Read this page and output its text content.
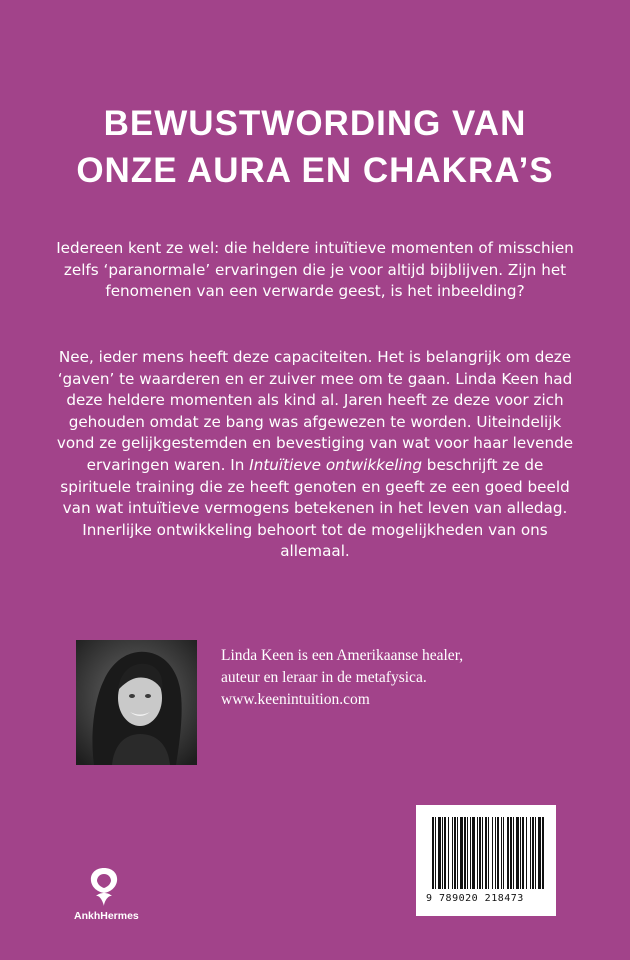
BEWUSTWORDING VAN
ONZE AURA EN CHAKRA’S
Iedereen kent ze wel: die heldere intuïtieve momenten of misschien zelfs ‘paranormale’ ervaringen die je voor altijd bijblijven. Zijn het fenomenen van een verwarde geest, is het inbeelding?
Nee, ieder mens heeft deze capaciteiten. Het is belangrijk om deze ‘gaven’ te waarderen en er zuiver mee om te gaan. Linda Keen had deze heldere momenten als kind al. Jaren heeft ze deze voor zich gehouden omdat ze bang was afgewezen te worden. Uiteindelijk vond ze gelijkgestemden en bevestiging van wat voor haar levende ervaringen waren. In Intuïtieve ontwikkeling beschrijft ze de spirituele training die ze heeft genoten en geeft ze een goed beeld van wat intuïtieve vermogens betekenen in het leven van alledag. Innerlijke ontwikkeling behoort tot de mogelijkheden van ons allemaal.
Linda Keen is een Amerikaanse healer,
auteur en leraar in de metafysica.
www.keenintuition.com
9 789020 218473
AnkhHermes
